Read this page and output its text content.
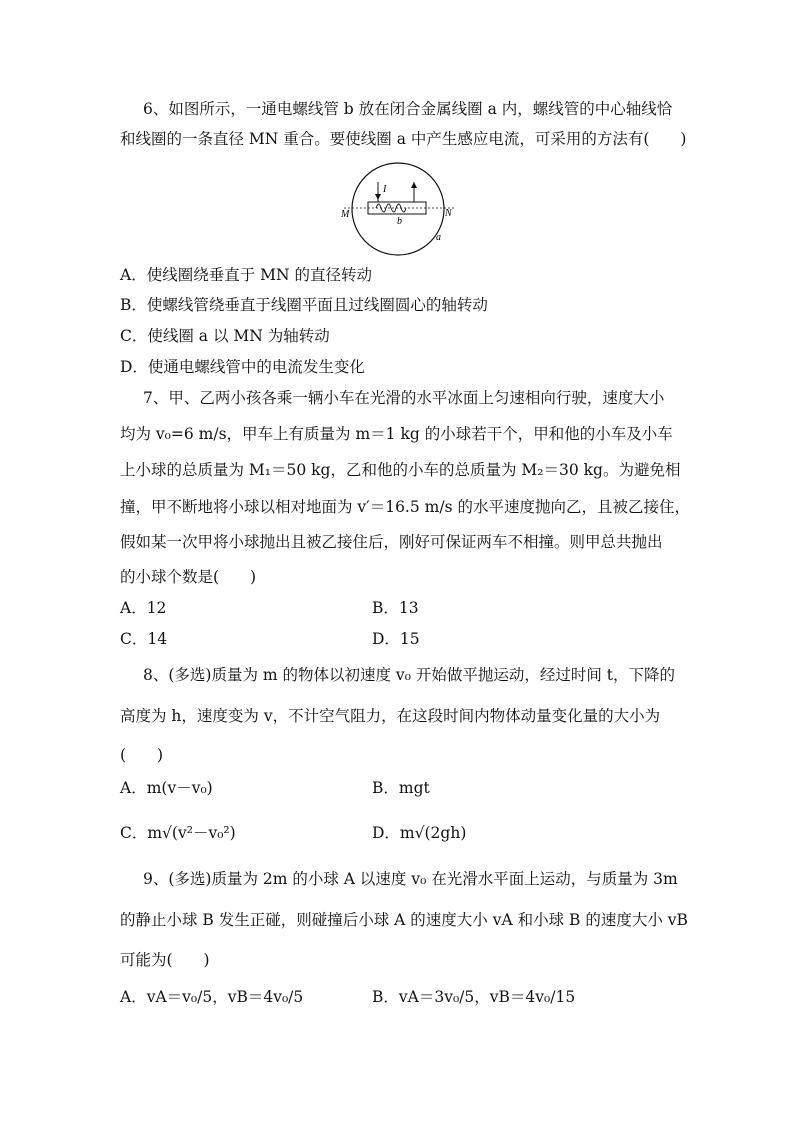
6、如图所示，一通电螺线管 b 放在闭合金属线圈 a 内，螺线管的中心轴线恰
和线圈的一条直径 MN 重合。要使线圈 a 中产生感应电流，可采用的方法有(　　)
I
M	N
b
a
A．使线圈绕垂直于 MN 的直径转动
B．使螺线管绕垂直于线圈平面且过线圈圆心的轴转动
C．使线圈 a 以 MN 为轴转动
D．使通电螺线管中的电流发生变化
7、甲、乙两小孩各乘一辆小车在光滑的水平冰面上匀速相向行驶，速度大小
均为 v₀=6 m/s，甲车上有质量为 m＝1 kg 的小球若干个，甲和他的小车及小车
上小球的总质量为 M₁＝50 kg，乙和他的小车的总质量为 M₂＝30 kg。为避免相
撞，甲不断地将小球以相对地面为 v′＝16.5 m/s 的水平速度抛向乙，且被乙接住，
假如某一次甲将小球抛出且被乙接住后，刚好可保证两车不相撞。则甲总共抛出
的小球个数是(　　)
A．12	B．13
C．14	D．15
8、(多选)质量为 m 的物体以初速度 v₀ 开始做平抛运动，经过时间 t，下降的
高度为 h，速度变为 v，不计空气阻力，在这段时间内物体动量变化量的大小为
(　　)
A．m(v－v₀)	B．mgt
C．m√(v²－v₀²)	D．m√(2gh)
9、(多选)质量为 2m 的小球 A 以速度 v₀ 在光滑水平面上运动，与质量为 3m
的静止小球 B 发生正碰，则碰撞后小球 A 的速度大小 vA 和小球 B 的速度大小 vB
可能为(　　)
A．vA＝v₀/5，vB＝4v₀/5	B．vA＝3v₀/5，vB＝4v₀/15
